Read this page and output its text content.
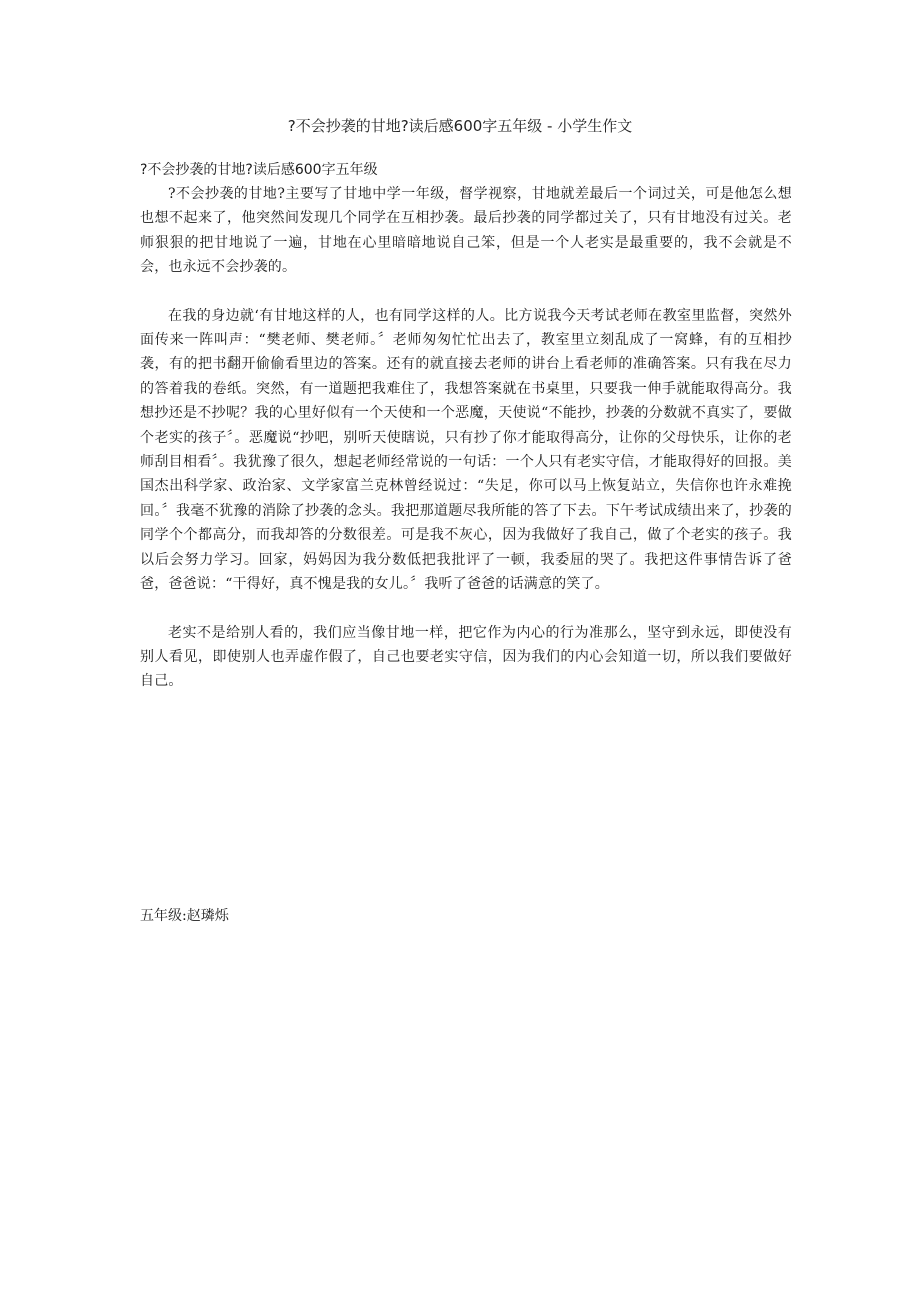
?不会抄袭的甘地?读后感600字五年级 - 小学生作文

?不会抄袭的甘地?读后感600字五年级

?不会抄袭的甘地?主要写了甘地中学一年级，督学视察，甘地就差最后一个词过关，可是他怎么想也想不起来了，他突然间发现几个同学在互相抄袭。最后抄袭的同学都过关了，只有甘地没有过关。老师狠狠的把甘地说了一遍，甘地在心里暗暗地说自己笨，但是一个人老实是最重要的，我不会就是不会，也永远不会抄袭的。

在我的身边就‘有甘地这样的人，也有同学这样的人。比方说我今天考试老师在教室里监督，突然外面传来一阵叫声：“樊老师、樊老师。〞老师匆匆忙忙出去了，教室里立刻乱成了一窝蜂，有的互相抄袭，有的把书翻开偷偷看里边的答案。还有的就直接去老师的讲台上看老师的准确答案。只有我在尽力的答着我的卷纸。突然，有一道题把我难住了，我想答案就在书桌里，只要我一伸手就能取得高分。我想抄还是不抄呢？我的心里好似有一个天使和一个恶魔，天使说“不能抄，抄袭的分数就不真实了，要做个老实的孩子〞。恶魔说“抄吧，别听天使瞎说，只有抄了你才能取得高分，让你的父母快乐，让你的老师刮目相看〞。我犹豫了很久，想起老师经常说的一句话：一个人只有老实守信，才能取得好的回报。美国杰出科学家、政治家、文学家富兰克林曾经说过：“失足，你可以马上恢复站立，失信你也许永难挽回。〞我毫不犹豫的消除了抄袭的念头。我把那道题尽我所能的答了下去。下午考试成绩出来了，抄袭的同学个个都高分，而我却答的分数很差。可是我不灰心，因为我做好了我自己，做了个老实的孩子。我以后会努力学习。回家，妈妈因为我分数低把我批评了一顿，我委屈的哭了。我把这件事情告诉了爸爸，爸爸说：“干得好，真不愧是我的女儿。〞我听了爸爸的话满意的笑了。

老实不是给别人看的，我们应当像甘地一样，把它作为内心的行为准那么，坚守到永远，即使没有别人看见，即使别人也弄虚作假了，自己也要老实守信，因为我们的内心会知道一切，所以我们要做好自己。

五年级:赵璘烁
